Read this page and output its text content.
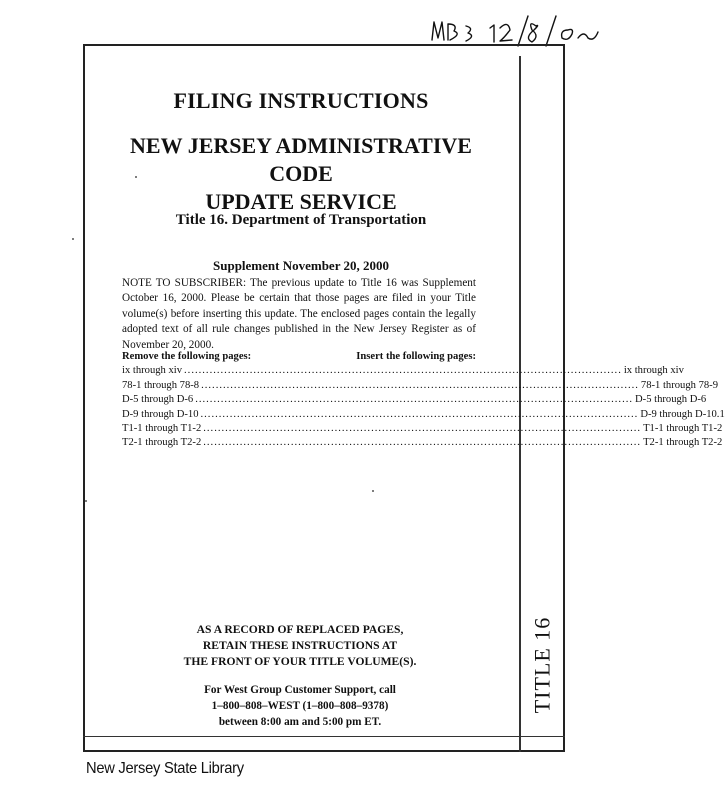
TITLE 16
FILING INSTRUCTIONS
NEW JERSEY ADMINISTRATIVE CODE
UPDATE SERVICE
Title 16. Department of Transportation
Supplement November 20, 2000
NOTE TO SUBSCRIBER: The previous update to Title 16 was Supplement October 16, 2000. Please be certain that those pages are filed in your Title volume(s) before inserting this update. The enclosed pages contain the legally adopted text of all rule changes published in the New Jersey Register as of November 20, 2000.
Remove the following pages:	Insert the following pages:
ix through xiv ........................................................................................................................ ix through xiv
78-1 through 78-8 ........................................................................................................................ 78-1 through 78-9
D-5 through D-6 ........................................................................................................................ D-5 through D-6
D-9 through D-10 ........................................................................................................................ D-9 through D-10.1
T1-1 through T1-2 ........................................................................................................................ T1-1 through T1-2
T2-1 through T2-2 ........................................................................................................................ T2-1 through T2-2
AS A RECORD OF REPLACED PAGES,
RETAIN THESE INSTRUCTIONS AT
THE FRONT OF YOUR TITLE VOLUME(S).
For West Group Customer Support, call
1–800–808–WEST (1–800–808–9378)
between 8:00 am and 5:00 pm ET.
New Jersey State Library
